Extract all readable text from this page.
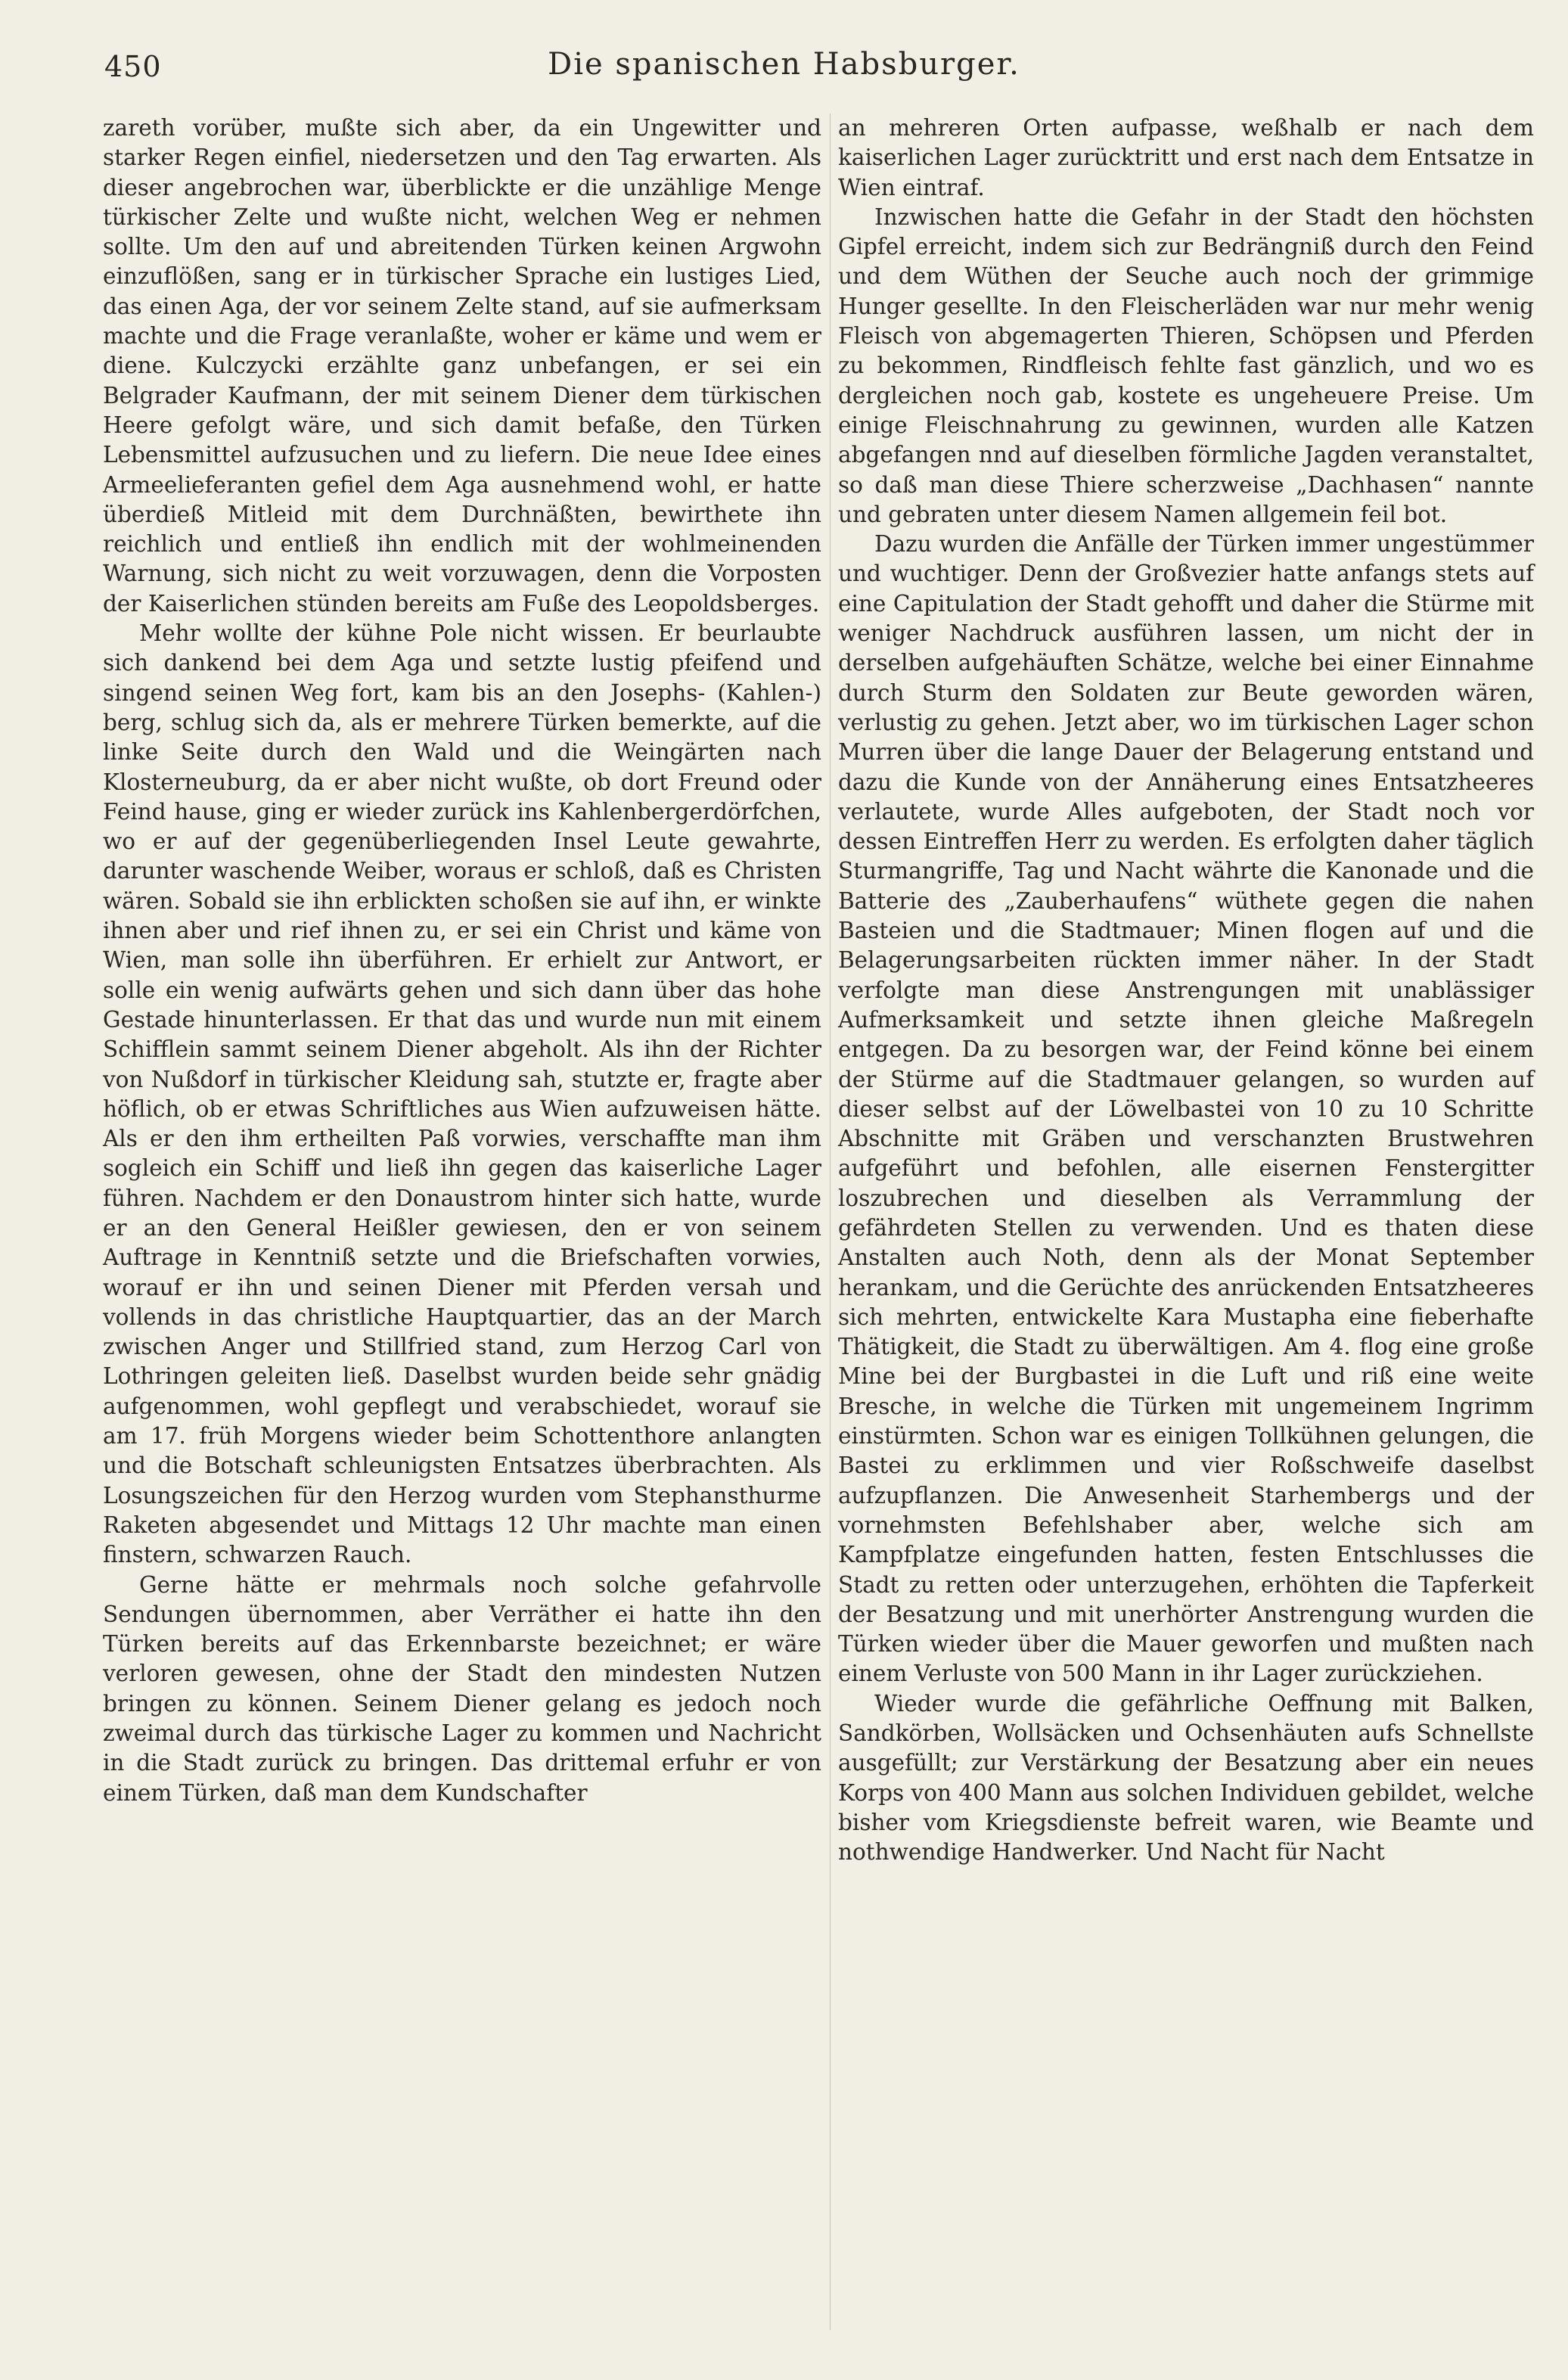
450	Die spanischen Habsburger.

zareth vorüber, mußte sich aber, da ein Ungewitter und starker Regen einfiel, niedersetzen und den Tag erwarten. Als dieser angebrochen war, überblickte er die unzählige Menge türkischer Zelte und wußte nicht, welchen Weg er nehmen sollte. Um den auf und abreitenden Türken keinen Argwohn einzuflößen, sang er in türkischer Sprache ein lustiges Lied, das einen Aga, der vor seinem Zelte stand, auf sie aufmerksam machte und die Frage veranlaßte, woher er käme und wem er diene. Kulczycki erzählte ganz unbefangen, er sei ein Belgrader Kaufmann, der mit seinem Diener dem türkischen Heere gefolgt wäre, und sich damit befaße, den Türken Lebensmittel aufzusuchen und zu liefern. Die neue Idee eines Armeelieferanten gefiel dem Aga ausnehmend wohl, er hatte überdieß Mitleid mit dem Durchnäßten, bewirthete ihn reichlich und entließ ihn endlich mit der wohlmeinenden Warnung, sich nicht zu weit vorzuwagen, denn die Vorposten der Kaiserlichen stünden bereits am Fuße des Leopoldsberges.

Mehr wollte der kühne Pole nicht wissen. Er beurlaubte sich dankend bei dem Aga und setzte lustig pfeifend und singend seinen Weg fort, kam bis an den Josephs- (Kahlen-) berg, schlug sich da, als er mehrere Türken bemerkte, auf die linke Seite durch den Wald und die Weingärten nach Klosterneuburg, da er aber nicht wußte, ob dort Freund oder Feind hause, ging er wieder zurück ins Kahlenbergerdörfchen, wo er auf der gegenüberliegenden Insel Leute gewahrte, darunter waschende Weiber, woraus er schloß, daß es Christen wären. Sobald sie ihn erblickten schoßen sie auf ihn, er winkte ihnen aber und rief ihnen zu, er sei ein Christ und käme von Wien, man solle ihn überführen. Er erhielt zur Antwort, er solle ein wenig aufwärts gehen und sich dann über das hohe Gestade hinunterlassen. Er that das und wurde nun mit einem Schifflein sammt seinem Diener abgeholt. Als ihn der Richter von Nußdorf in türkischer Kleidung sah, stutzte er, fragte aber höflich, ob er etwas Schriftliches aus Wien aufzuweisen hätte. Als er den ihm ertheilten Paß vorwies, verschaffte man ihm sogleich ein Schiff und ließ ihn gegen das kaiserliche Lager führen. Nachdem er den Donaustrom hinter sich hatte, wurde er an den General Heißler gewiesen, den er von seinem Auftrage in Kenntniß setzte und die Briefschaften vorwies, worauf er ihn und seinen Diener mit Pferden versah und vollends in das christliche Hauptquartier, das an der March zwischen Anger und Stillfried stand, zum Herzog Carl von Lothringen geleiten ließ. Daselbst wurden beide sehr gnädig aufgenommen, wohl gepflegt und verabschiedet, worauf sie am 17. früh Morgens wieder beim Schottenthore anlangten und die Botschaft schleunigsten Entsatzes überbrachten. Als Losungszeichen für den Herzog wurden vom Stephansthurme Raketen abgesendet und Mittags 12 Uhr machte man einen finstern, schwarzen Rauch.

Gerne hätte er mehrmals noch solche gefahrvolle Sendungen übernommen, aber Verräther ei hatte ihn den Türken bereits auf das Erkennbarste bezeichnet; er wäre verloren gewesen, ohne der Stadt den mindesten Nutzen bringen zu können. Seinem Diener gelang es jedoch noch zweimal durch das türkische Lager zu kommen und Nachricht in die Stadt zurück zu bringen. Das drittemal erfuhr er von einem Türken, daß man dem Kundschafter

an mehreren Orten aufpasse, weßhalb er nach dem kaiserlichen Lager zurücktritt und erst nach dem Entsatze in Wien eintraf.

Inzwischen hatte die Gefahr in der Stadt den höchsten Gipfel erreicht, indem sich zur Bedrängniß durch den Feind und dem Wüthen der Seuche auch noch der grimmige Hunger gesellte. In den Fleischerläden war nur mehr wenig Fleisch von abgemagerten Thieren, Schöpsen und Pferden zu bekommen, Rindfleisch fehlte fast gänzlich, und wo es dergleichen noch gab, kostete es ungeheuere Preise. Um einige Fleischnahrung zu gewinnen, wurden alle Katzen abgefangen nnd auf dieselben förmliche Jagden veranstaltet, so daß man diese Thiere scherzweise „Dachhasen“ nannte und gebraten unter diesem Namen allgemein feil bot.

Dazu wurden die Anfälle der Türken immer ungestümmer und wuchtiger. Denn der Großvezier hatte anfangs stets auf eine Capitulation der Stadt gehofft und daher die Stürme mit weniger Nachdruck ausführen lassen, um nicht der in derselben aufgehäuften Schätze, welche bei einer Einnahme durch Sturm den Soldaten zur Beute geworden wären, verlustig zu gehen. Jetzt aber, wo im türkischen Lager schon Murren über die lange Dauer der Belagerung entstand und dazu die Kunde von der Annäherung eines Entsatzheeres verlautete, wurde Alles aufgeboten, der Stadt noch vor dessen Eintreffen Herr zu werden. Es erfolgten daher täglich Sturmangriffe, Tag und Nacht währte die Kanonade und die Batterie des „Zauberhaufens“ wüthete gegen die nahen Basteien und die Stadtmauer; Minen flogen auf und die Belagerungsarbeiten rückten immer näher. In der Stadt verfolgte man diese Anstrengungen mit unablässiger Aufmerksamkeit und setzte ihnen gleiche Maßregeln entgegen. Da zu besorgen war, der Feind könne bei einem der Stürme auf die Stadtmauer gelangen, so wurden auf dieser selbst auf der Löwelbastei von 10 zu 10 Schritte Abschnitte mit Gräben und verschanzten Brustwehren aufgeführt und befohlen, alle eisernen Fenstergitter loszubrechen und dieselben als Verrammlung der gefährdeten Stellen zu verwenden. Und es thaten diese Anstalten auch Noth, denn als der Monat September herankam, und die Gerüchte des anrückenden Entsatzheeres sich mehrten, entwickelte Kara Mustapha eine fieberhafte Thätigkeit, die Stadt zu überwältigen. Am 4. flog eine große Mine bei der Burgbastei in die Luft und riß eine weite Bresche, in welche die Türken mit ungemeinem Ingrimm einstürmten. Schon war es einigen Tollkühnen gelungen, die Bastei zu erklimmen und vier Roßschweife daselbst aufzupflanzen. Die Anwesenheit Starhembergs und der vornehmsten Befehlshaber aber, welche sich am Kampfplatze eingefunden hatten, festen Entschlusses die Stadt zu retten oder unterzugehen, erhöhten die Tapferkeit der Besatzung und mit unerhörter Anstrengung wurden die Türken wieder über die Mauer geworfen und mußten nach einem Verluste von 500 Mann in ihr Lager zurückziehen.

Wieder wurde die gefährliche Oeffnung mit Balken, Sandkörben, Wollsäcken und Ochsenhäuten aufs Schnellste ausgefüllt; zur Verstärkung der Besatzung aber ein neues Korps von 400 Mann aus solchen Individuen gebildet, welche bisher vom Kriegsdienste befreit waren, wie Beamte und nothwendige Handwerker. Und Nacht für Nacht
